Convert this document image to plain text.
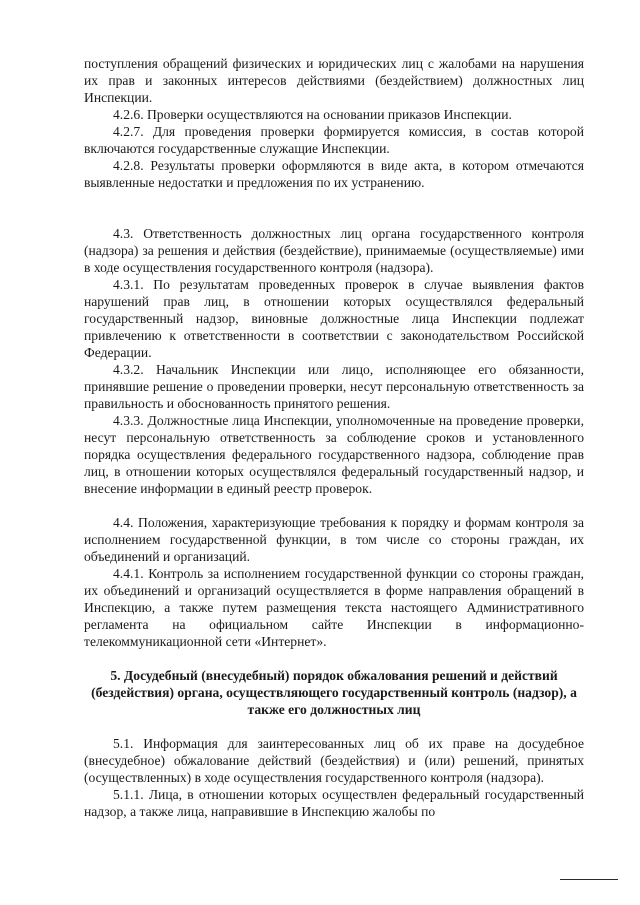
поступления обращений физических и юридических лиц с жалобами на нарушения их прав и законных интересов действиями (бездействием) должностных лиц Инспекции.

4.2.6. Проверки осуществляются на основании приказов Инспекции.

4.2.7. Для проведения проверки формируется комиссия, в состав которой включаются государственные служащие Инспекции.

4.2.8. Результаты проверки оформляются в виде акта, в котором отмечаются выявленные недостатки и предложения по их устранению.

4.3. Ответственность должностных лиц органа государственного контроля (надзора) за решения и действия (бездействие), принимаемые (осуществляемые) ими в ходе осуществления государственного контроля (надзора).

4.3.1. По результатам проведенных проверок в случае выявления фактов нарушений прав лиц, в отношении которых осуществлялся федеральный государственный надзор, виновные должностные лица Инспекции подлежат привлечению к ответственности в соответствии с законодательством Российской Федерации.

4.3.2. Начальник Инспекции или лицо, исполняющее его обязанности, принявшие решение о проведении проверки, несут персональную ответственность за правильность и обоснованность принятого решения.

4.3.3. Должностные лица Инспекции, уполномоченные на проведение проверки, несут персональную ответственность за соблюдение сроков и установленного порядка осуществления федерального государственного надзора, соблюдение прав лиц, в отношении которых осуществлялся федеральный государственный надзор, и внесение информации в единый реестр проверок.

4.4. Положения, характеризующие требования к порядку и формам контроля за исполнением государственной функции, в том числе со стороны граждан, их объединений и организаций.

4.4.1. Контроль за исполнением государственной функции со стороны граждан, их объединений и организаций осуществляется в форме направления обращений в Инспекцию, а также путем размещения текста настоящего Административного регламента на официальном сайте Инспекции в информационно-телекоммуникационной сети «Интернет».

5. Досудебный (внесудебный) порядок обжалования решений и действий (бездействия) органа, осуществляющего государственный контроль (надзор), а также его должностных лиц

5.1. Информация для заинтересованных лиц об их праве на досудебное (внесудебное) обжалование действий (бездействия) и (или) решений, принятых (осуществленных) в ходе осуществления государственного контроля (надзора).

5.1.1. Лица, в отношении которых осуществлен федеральный государственный надзор, а также лица, направившие в Инспекцию жалобы по
